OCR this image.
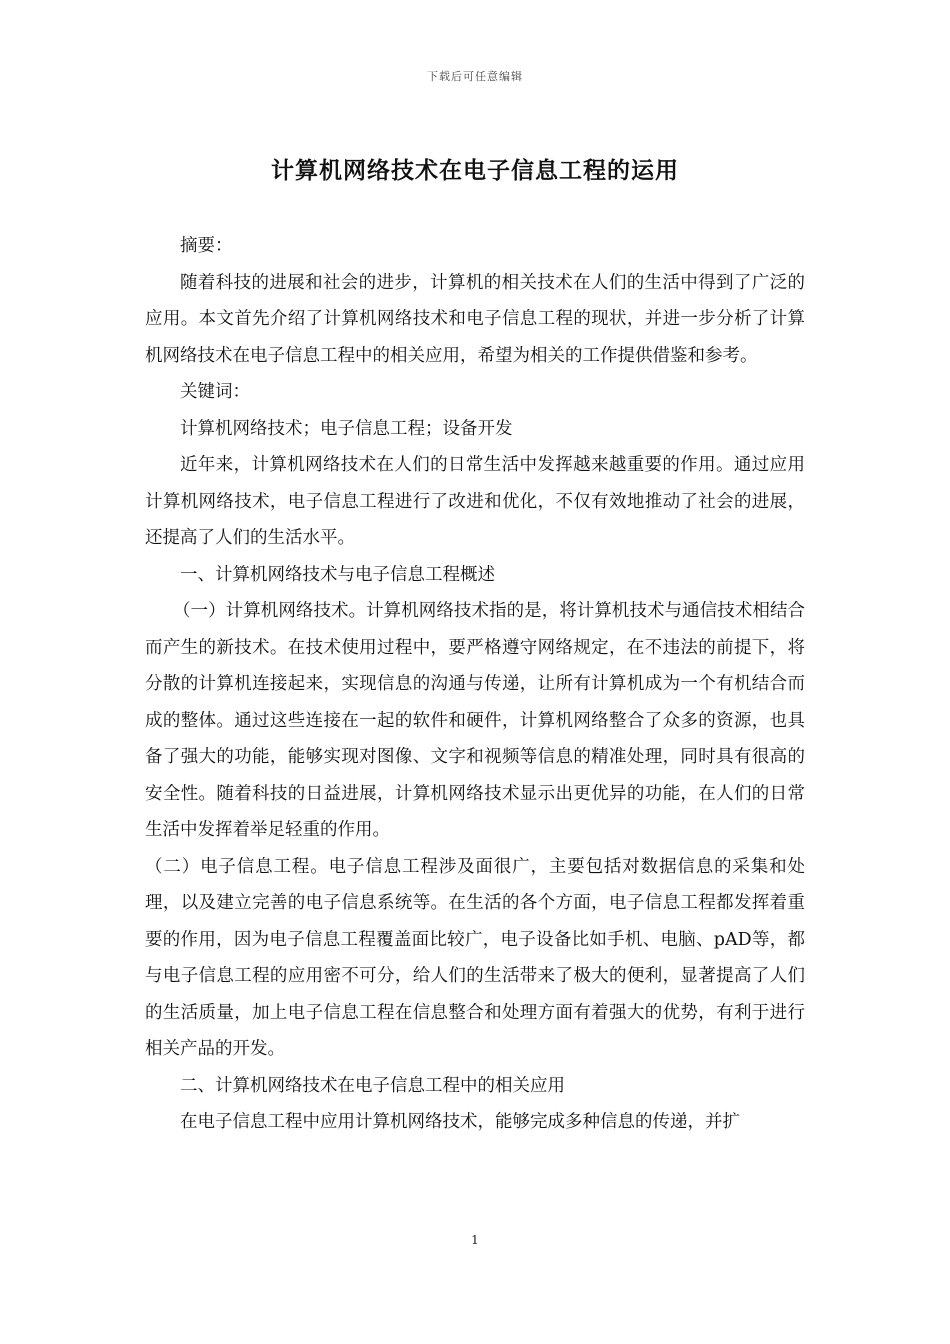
下载后可任意编辑
计算机网络技术在电子信息工程的运用

摘要：

随着科技的进展和社会的进步，计算机的相关技术在人们的生活中得到了广泛的应用。本文首先介绍了计算机网络技术和电子信息工程的现状，并进一步分析了计算机网络技术在电子信息工程中的相关应用，希望为相关的工作提供借鉴和参考。

关键词：

计算机网络技术；电子信息工程；设备开发

近年来，计算机网络技术在人们的日常生活中发挥越来越重要的作用。通过应用计算机网络技术，电子信息工程进行了改进和优化，不仅有效地推动了社会的进展，还提高了人们的生活水平。

一、计算机网络技术与电子信息工程概述

（一）计算机网络技术。计算机网络技术指的是，将计算机技术与通信技术相结合而产生的新技术。在技术使用过程中，要严格遵守网络规定，在不违法的前提下，将分散的计算机连接起来，实现信息的沟通与传递，让所有计算机成为一个有机结合而成的整体。通过这些连接在一起的软件和硬件，计算机网络整合了众多的资源，也具备了强大的功能，能够实现对图像、文字和视频等信息的精准处理，同时具有很高的安全性。随着科技的日益进展，计算机网络技术显示出更优异的功能，在人们的日常生活中发挥着举足轻重的作用。

（二）电子信息工程。电子信息工程涉及面很广，主要包括对数据信息的采集和处理，以及建立完善的电子信息系统等。在生活的各个方面，电子信息工程都发挥着重要的作用，因为电子信息工程覆盖面比较广，电子设备比如手机、电脑、pAD等，都与电子信息工程的应用密不可分，给人们的生活带来了极大的便利，显著提高了人们的生活质量，加上电子信息工程在信息整合和处理方面有着强大的优势，有利于进行相关产品的开发。

二、计算机网络技术在电子信息工程中的相关应用

在电子信息工程中应用计算机网络技术，能够完成多种信息的传递，并扩

1
